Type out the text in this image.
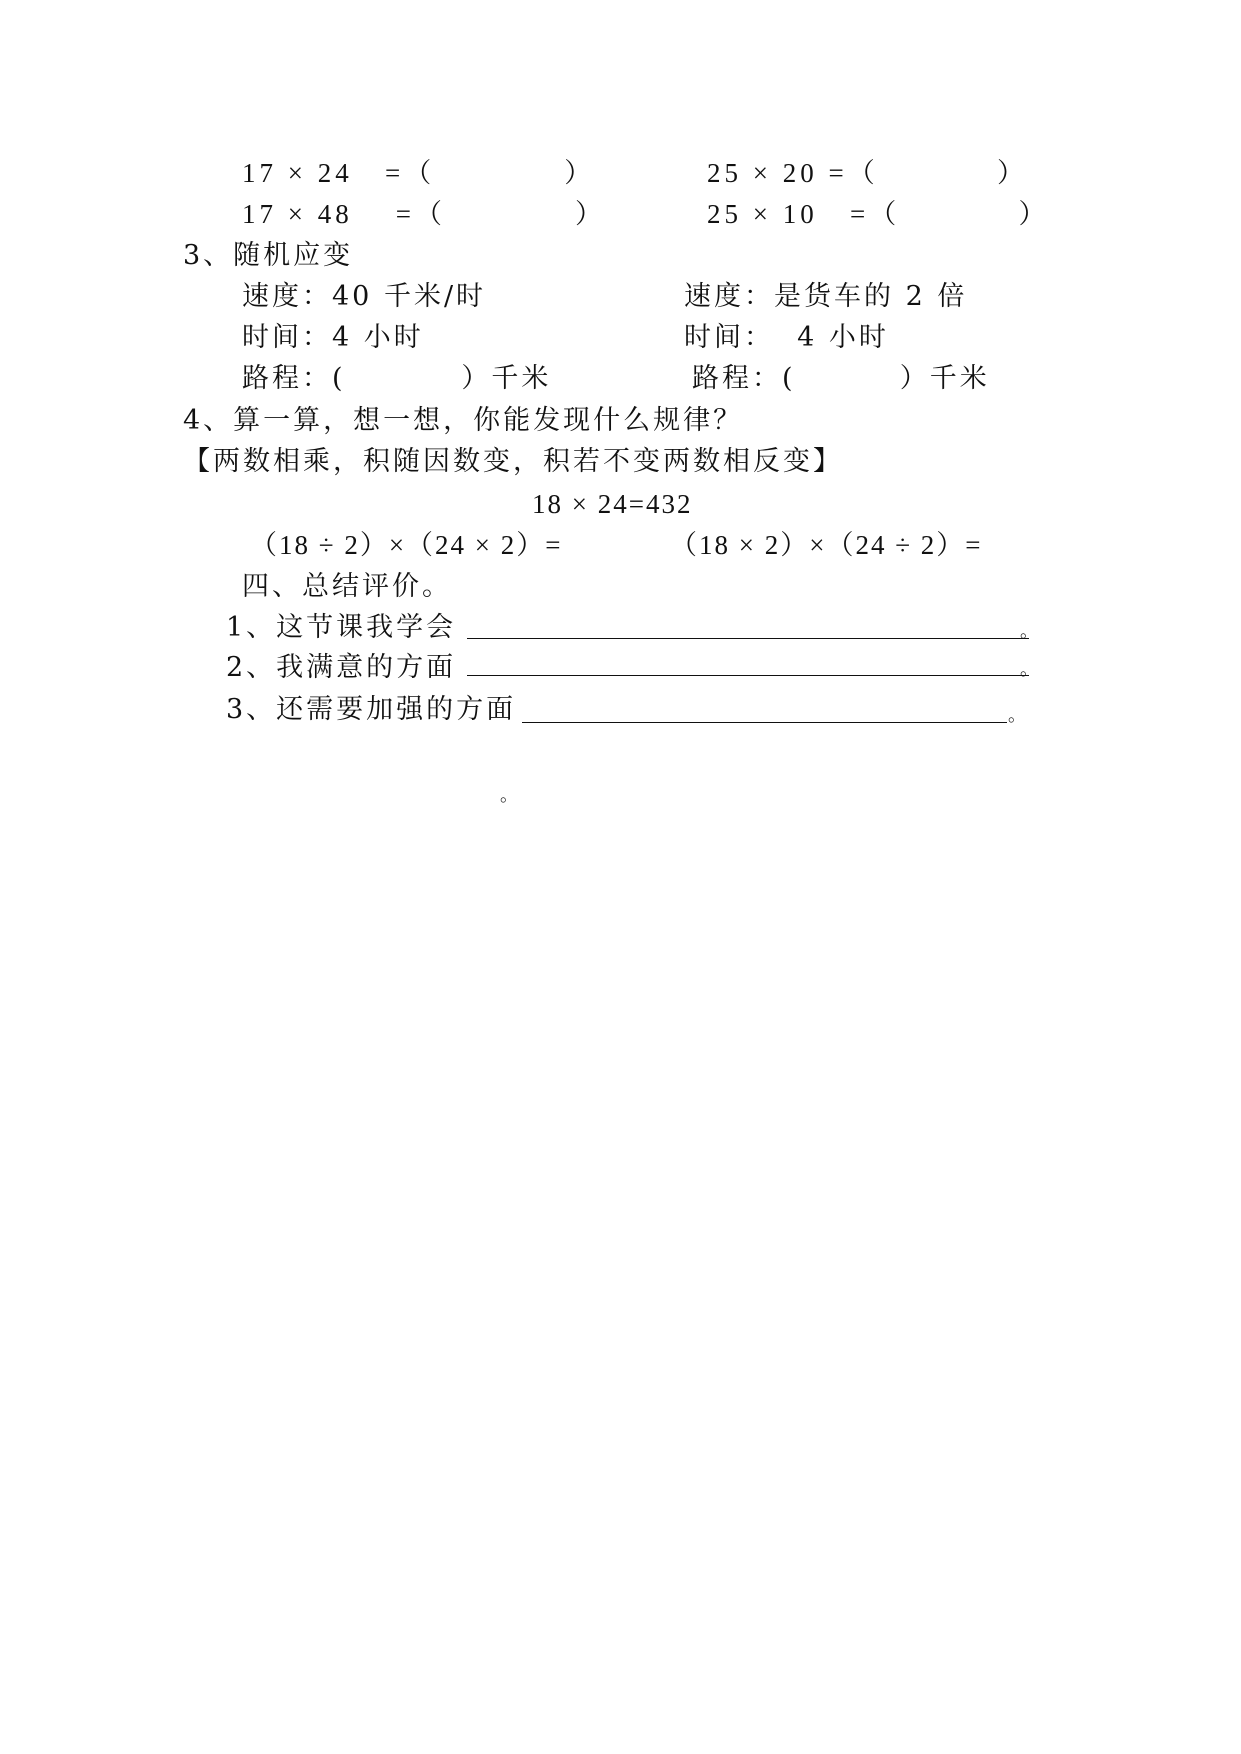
17 × 24   =（            ）	25 × 20 =（           ）
17 × 48    =（            ）	25 × 10   =（           ）
3、随机应变
速度：40 千米/时	速度：是货车的 2 倍
时间：4 小时	时间：  4 小时
路程：(          ）千米	路程：(         ）千米
4、算一算，想一想，你能发现什么规律？
【两数相乘，积随因数变，积若不变两数相反变】
18 × 24=432
（18 ÷ 2）×（24 × 2）=	（18 × 2）×（24 ÷ 2）=
四、总结评价。
1、这节课我学会	。
2、我满意的方面	。
3、还需要加强的方面	。
。
